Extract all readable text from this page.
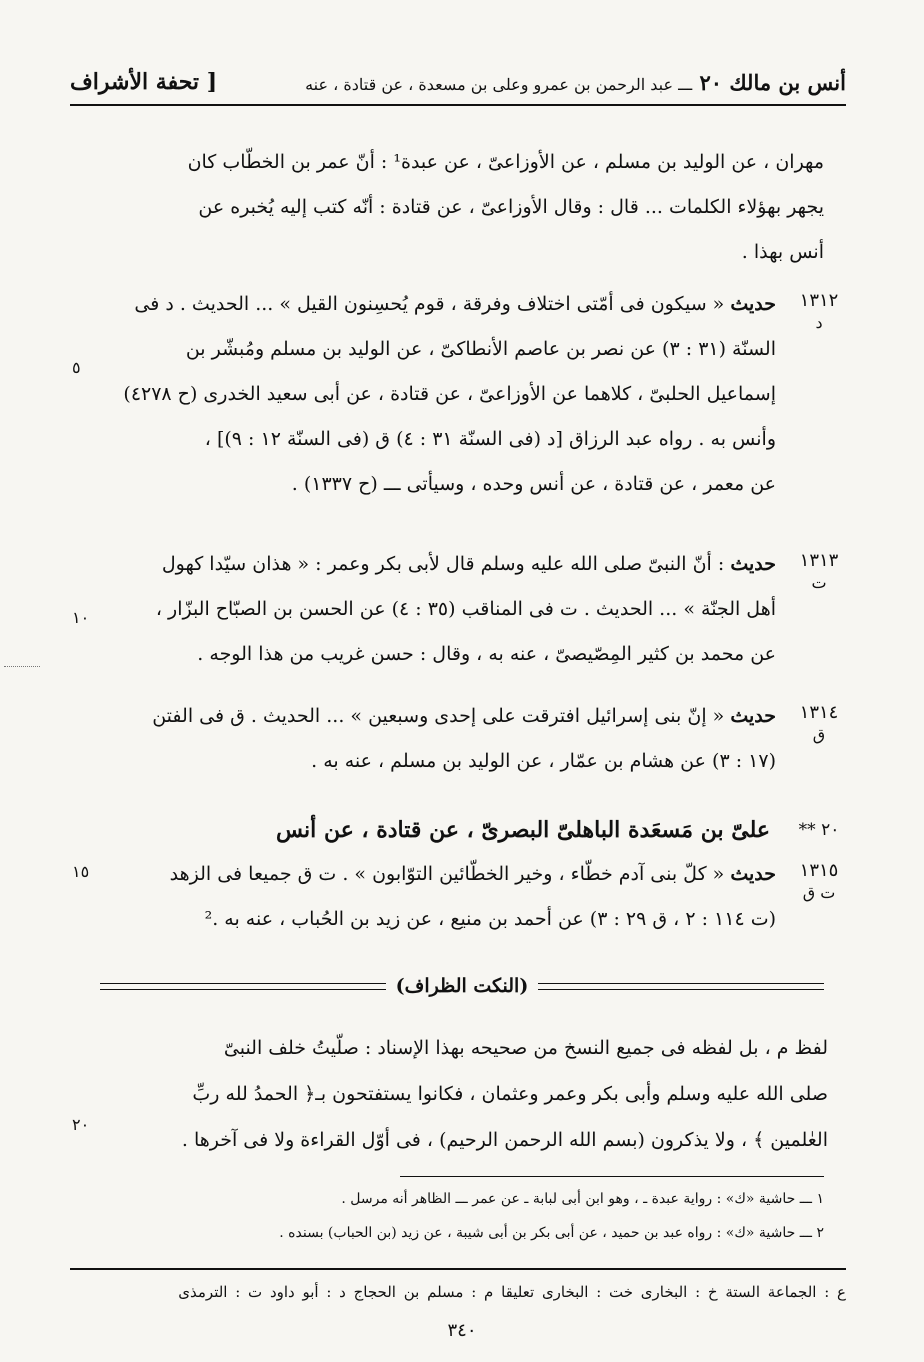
أنس بن مالك ٢٠ ـــ عبد الرحمن بن عمرو وعلى بن مسعدة ، عن قتادة ، عنه
[ تحفة الأشراف
مهران ، عن الوليد بن مسلم ، عن الأوزاعىّ ، عن عبدة¹ : أنّ عمر بن الخطّاب كان
يجهر بهؤلاء الكلمات ... قال : وقال الأوزاعىّ ، عن قتادة : أنّه كتب إليه يُخبره عن
أنس بهذا .
١٣١٢
د
حديث « سيكون فى أمّتى اختلاف وفرقة ، قوم يُحسِنون القيل » ... الحديث . د فى
السنّة (٣١ : ٣) عن نصر بن عاصم الأنطاكىّ ، عن الوليد بن مسلم ومُبشّر بن
إسماعيل الحلبىّ ، كلاهما عن الأوزاعىّ ، عن قتادة ، عن أبى سعيد الخدرى (ح ٤٢٧٨)
وأنس به . رواه عبد الرزاق [د (فى السنّة ٣١ : ٤) ق (فى السنّة ١٢ : ٩)] ،
عن معمر ، عن قتادة ، عن أنس وحده ، وسيأتى ـــ (ح ١٣٣٧) .
١٣١٣
ت
حديث : أنّ النبىّ صلى الله عليه وسلم قال لأبى بكر وعمر : « هذان سيّدا كهول
أهل الجنّة » ... الحديث . ت فى المناقب (٣٥ : ٤) عن الحسن بن الصبّاح البزّار ،
عن محمد بن كثير المِصّيصىّ ، عنه به ، وقال : حسن غريب من هذا الوجه .
١٣١٤
ق
حديث « إنّ بنى إسرائيل افترقت على إحدى وسبعين » ... الحديث . ق فى الفتن
(١٧ : ٣) عن هشام بن عمّار ، عن الوليد بن مسلم ، عنه به .
٢٠ **
علىّ بن مَسعَدة الباهلىّ البصرىّ ، عن قتادة ، عن أنس
١٣١٥
ت ق
حديث « كلّ بنى آدم خطّاء ، وخير الخطّائين التوّابون » . ت ق جميعا فى الزهد
(ت ١١٤ : ٢ ، ق ٢٩ : ٣) عن أحمد بن منيع ، عن زيد بن الحُباب ، عنه به .²
٥
١٠
١٥
٢٠
(النكت الظراف)
لفظ م ، بل لفظه فى جميع النسخ من صحيحه بهذا الإسناد : صلّيتُ خلف النبىّ
صلى الله عليه وسلم وأبى بكر وعمر وعثمان ، فكانوا يستفتحون بـ﴿ الحمدُ لله ربِّ
العٰلمين ﴾ ، ولا يذكرون (بسم الله الرحمن الرحيم) ، فى أوّل القراءة ولا فى آخرها .
١ ـــ حاشية «ك» : رواية عبدة ـ ، وهو ابن أبى لبابة ـ عن عمر ـــ الظاهر أنه مرسل .
٢ ـــ حاشية «ك» : رواه عبد بن حميد ، عن أبى بكر بن أبى شيبة ، عن زيد (بن الحباب) بسنده .
ع : الجماعة الستة خ : البخارى خت : البخارى تعليقا م : مسلم بن الحجاج د : أبو داود ت : الترمذى
٣٤٠
